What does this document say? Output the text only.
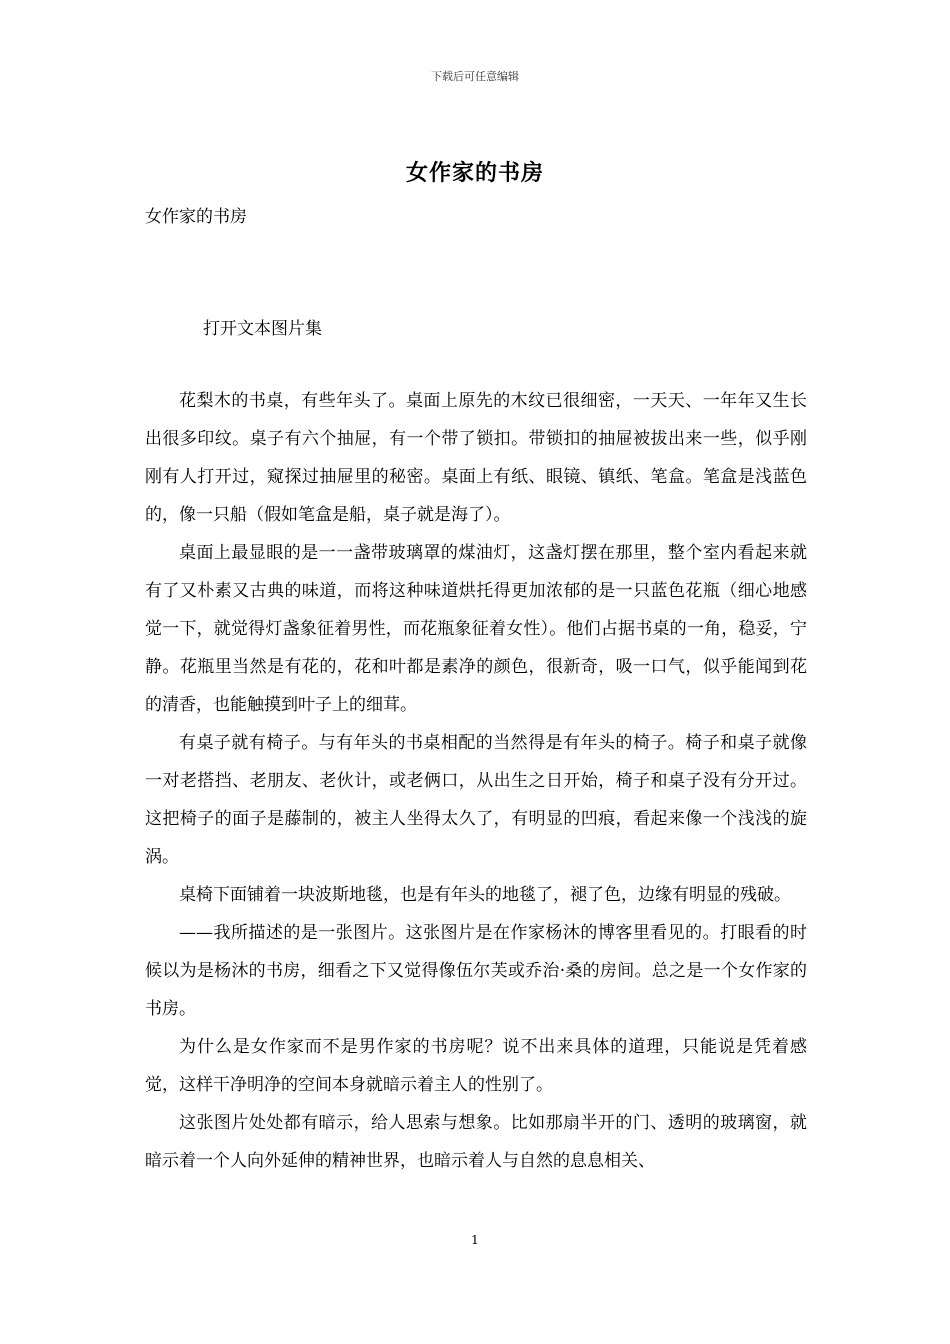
下载后可任意编辑
女作家的书房
女作家的书房
打开文本图片集

花梨木的书桌，有些年头了。桌面上原先的木纹已很细密，一天天、一年年又生长出很多印纹。桌子有六个抽屉，有一个带了锁扣。带锁扣的抽屉被拔出来一些，似乎刚刚有人打开过，窥探过抽屉里的秘密。桌面上有纸、眼镜、镇纸、笔盒。笔盒是浅蓝色的，像一只船（假如笔盒是船，桌子就是海了）。

桌面上最显眼的是一一盏带玻璃罩的煤油灯，这盏灯摆在那里，整个室内看起来就有了又朴素又古典的味道，而将这种味道烘托得更加浓郁的是一只蓝色花瓶（细心地感觉一下，就觉得灯盏象征着男性，而花瓶象征着女性）。他们占据书桌的一角，稳妥，宁静。花瓶里当然是有花的，花和叶都是素净的颜色，很新奇，吸一口气，似乎能闻到花的清香，也能触摸到叶子上的细茸。

有桌子就有椅子。与有年头的书桌相配的当然得是有年头的椅子。椅子和桌子就像一对老搭挡、老朋友、老伙计，或老俩口，从出生之日开始，椅子和桌子没有分开过。这把椅子的面子是藤制的，被主人坐得太久了，有明显的凹痕，看起来像一个浅浅的旋涡。

桌椅下面铺着一块波斯地毯，也是有年头的地毯了，褪了色，边缘有明显的残破。

——我所描述的是一张图片。这张图片是在作家杨沐的博客里看见的。打眼看的时候以为是杨沐的书房，细看之下又觉得像伍尔芙或乔治·桑的房间。总之是一个女作家的书房。

为什么是女作家而不是男作家的书房呢？说不出来具体的道理，只能说是凭着感觉，这样干净明净的空间本身就暗示着主人的性别了。

这张图片处处都有暗示，给人思索与想象。比如那扇半开的门、透明的玻璃窗，就暗示着一个人向外延伸的精神世界，也暗示着人与自然的息息相关、

1
